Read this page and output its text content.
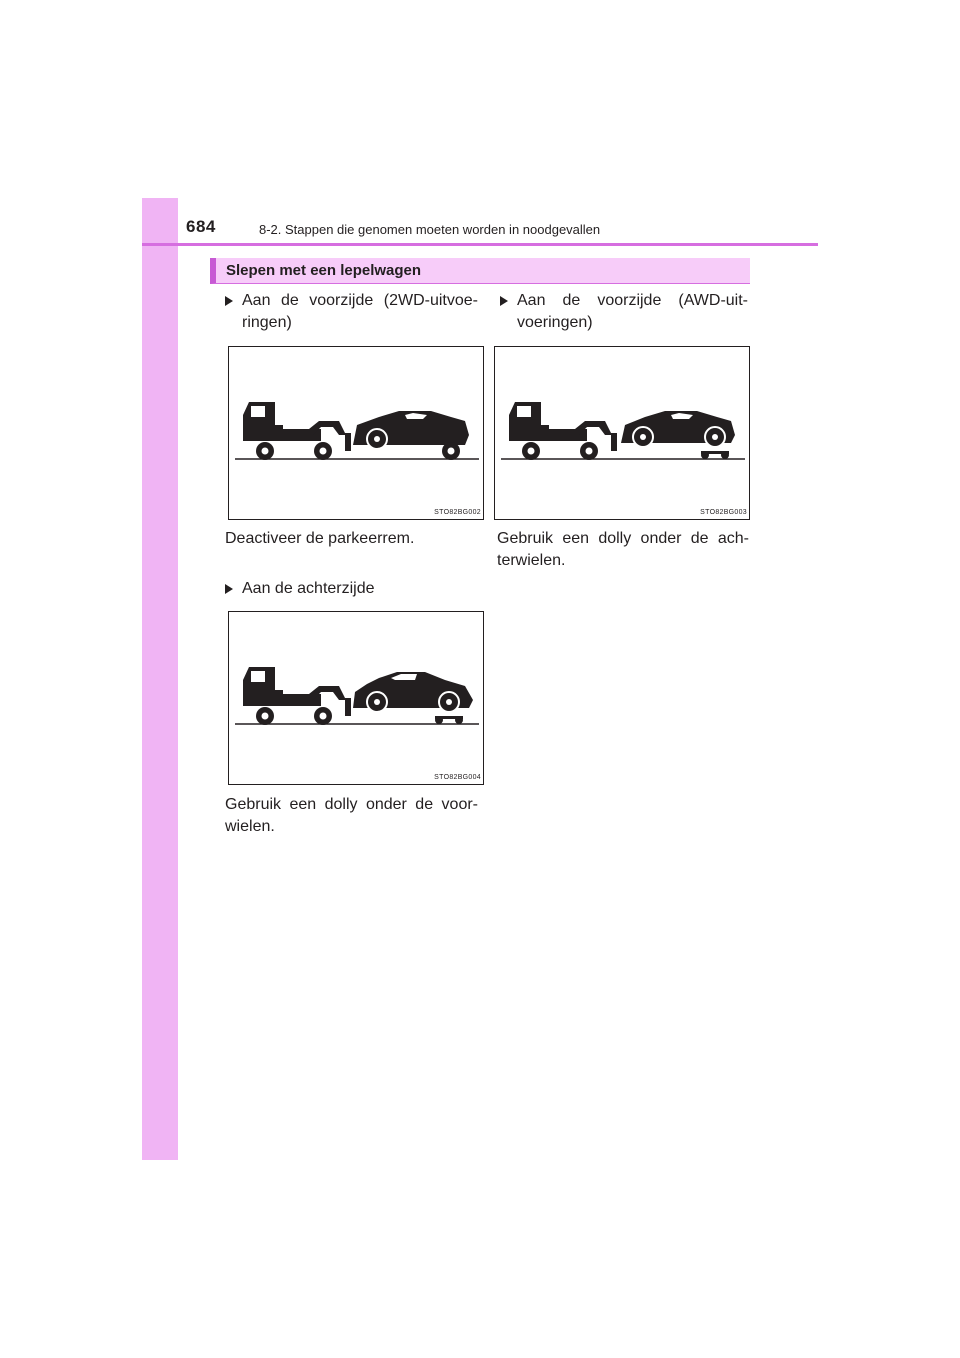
684	8-2. Stappen die genomen moeten worden in noodgevallen
Slepen met een lepelwagen
Aan de voorzijde (2WD-uitvoe-ringen)
STO82BG002
Deactiveer de parkeerrem.
Aan de voorzijde (AWD-uit-voeringen)
STO82BG003
Gebruik een dolly onder de ach-terwielen.
Aan de achterzijde
STO82BG004
Gebruik een dolly onder de voor-wielen.
